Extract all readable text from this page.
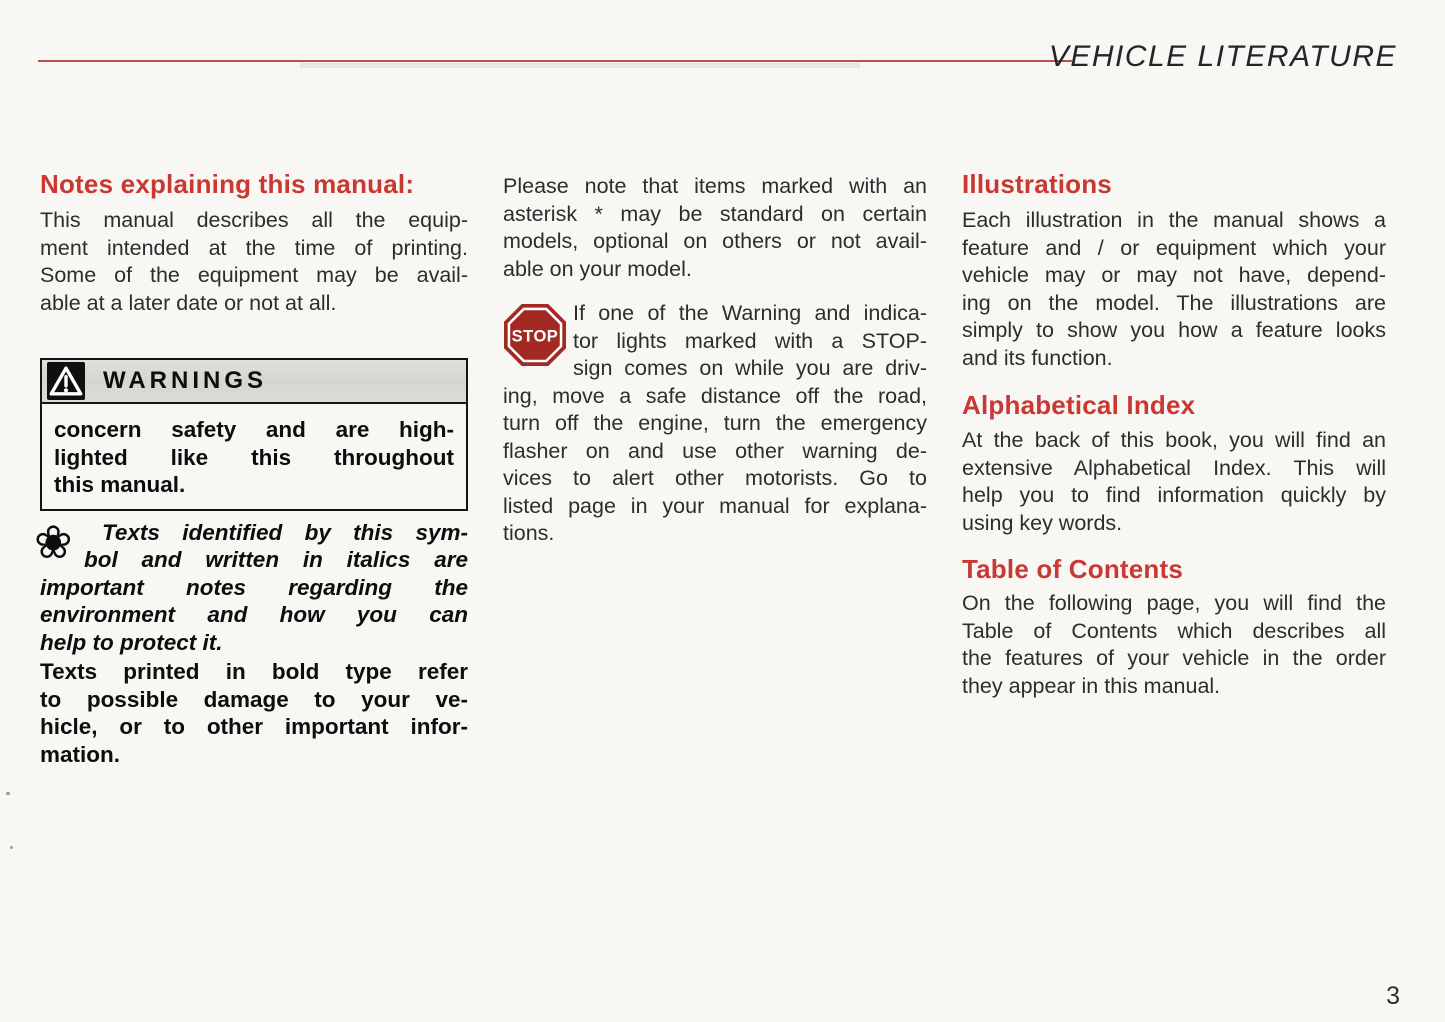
VEHICLE LITERATURE
Notes explaining this manual:
This manual describes all the equip-
ment intended at the time of printing.
Some of the equipment may be avail-
able at a later date or not at all.
WARNINGS
concern safety and are high-
lighted like this throughout
this manual.
❀ Texts identified by this sym-
bol and written in italics are
important notes regarding the
environment and how you can
help to protect it.
Texts printed in bold type refer
to possible damage to your ve-
hicle, or to other important infor-
mation.
Please note that items marked with an
asterisk * may be standard on certain
models, optional on others or not avail-
able on your model.
STOP
If one of the Warning and indica-
tor lights marked with a STOP-
sign comes on while you are driv-
ing, move a safe distance off the road,
turn off the engine, turn the emergency
flasher on and use other warning de-
vices to alert other motorists. Go to
listed page in your manual for explana-
tions.
Illustrations
Each illustration in the manual shows a
feature and / or equipment which your
vehicle may or may not have, depend-
ing on the model. The illustrations are
simply to show you how a feature looks
and its function.
Alphabetical Index
At the back of this book, you will find an
extensive Alphabetical Index. This will
help you to find information quickly by
using key words.
Table of Contents
On the following page, you will find the
Table of Contents which describes all
the features of your vehicle in the order
they appear in this manual.
3
